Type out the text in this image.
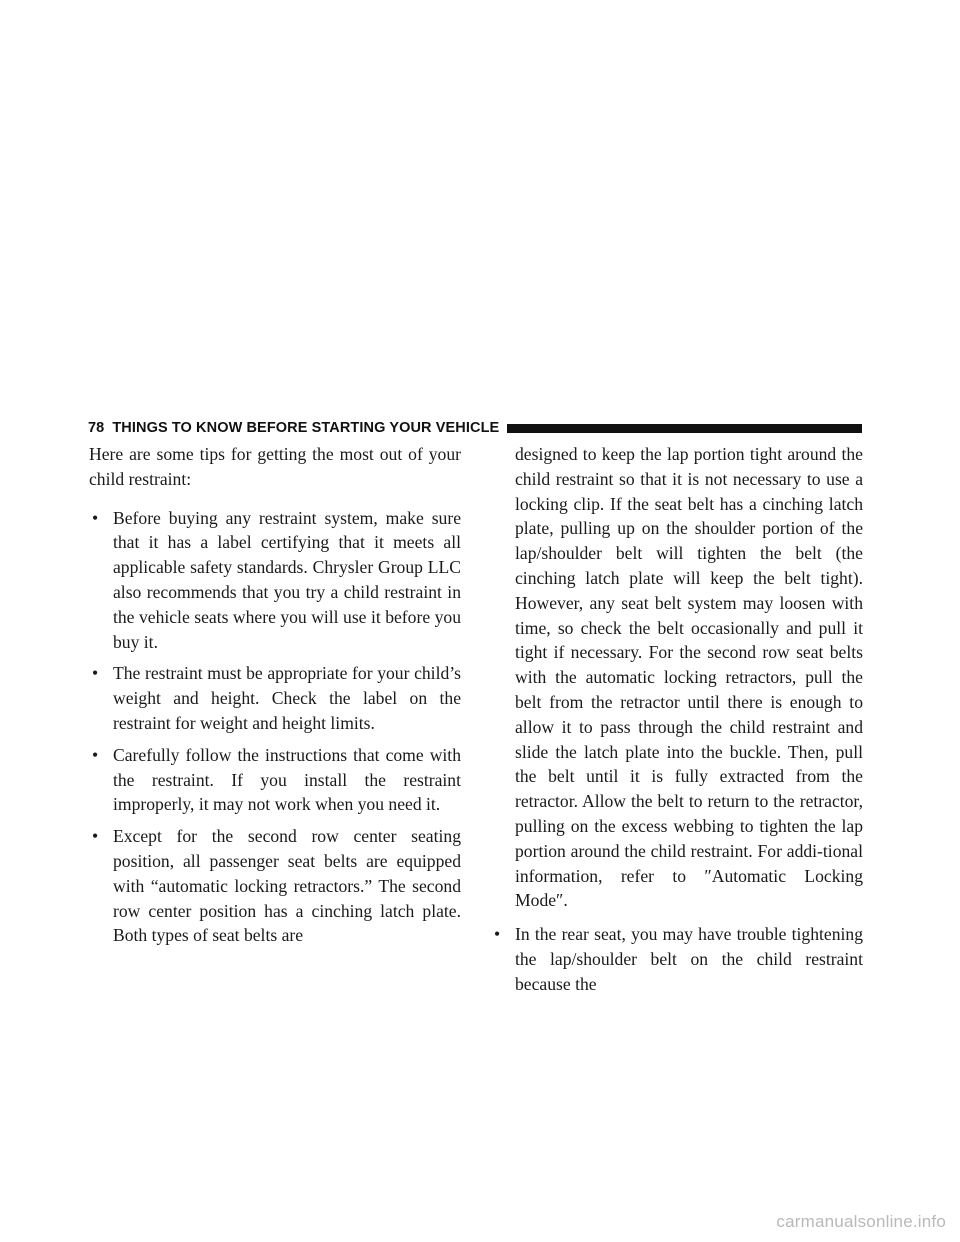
78 THINGS TO KNOW BEFORE STARTING YOUR VEHICLE

Here are some tips for getting the most out of your child restraint:

• Before buying any restraint system, make sure that it has a label certifying that it meets all applicable safety standards. Chrysler Group LLC also recommends that you try a child restraint in the vehicle seats where you will use it before you buy it.
• The restraint must be appropriate for your child’s weight and height. Check the label on the restraint for weight and height limits.
• Carefully follow the instructions that come with the restraint. If you install the restraint improperly, it may not work when you need it.
• Except for the second row center seating position, all passenger seat belts are equipped with “automatic locking retractors.” The second row center position has a cinching latch plate. Both types of seat belts are

designed to keep the lap portion tight around the child restraint so that it is not necessary to use a locking clip. If the seat belt has a cinching latch plate, pulling up on the shoulder portion of the lap/shoulder belt will tighten the belt (the cinching latch plate will keep the belt tight). However, any seat belt system may loosen with time, so check the belt occasionally and pull it tight if necessary. For the second row seat belts with the automatic locking retractors, pull the belt from the retractor until there is enough to allow it to pass through the child restraint and slide the latch plate into the buckle. Then, pull the belt until it is fully extracted from the retractor. Allow the belt to return to the retractor, pulling on the excess webbing to tighten the lap portion around the child restraint. For addi-tional information, refer to ″Automatic Locking Mode″.

• In the rear seat, you may have trouble tightening the lap/shoulder belt on the child restraint because the
carmanualsonline.info
